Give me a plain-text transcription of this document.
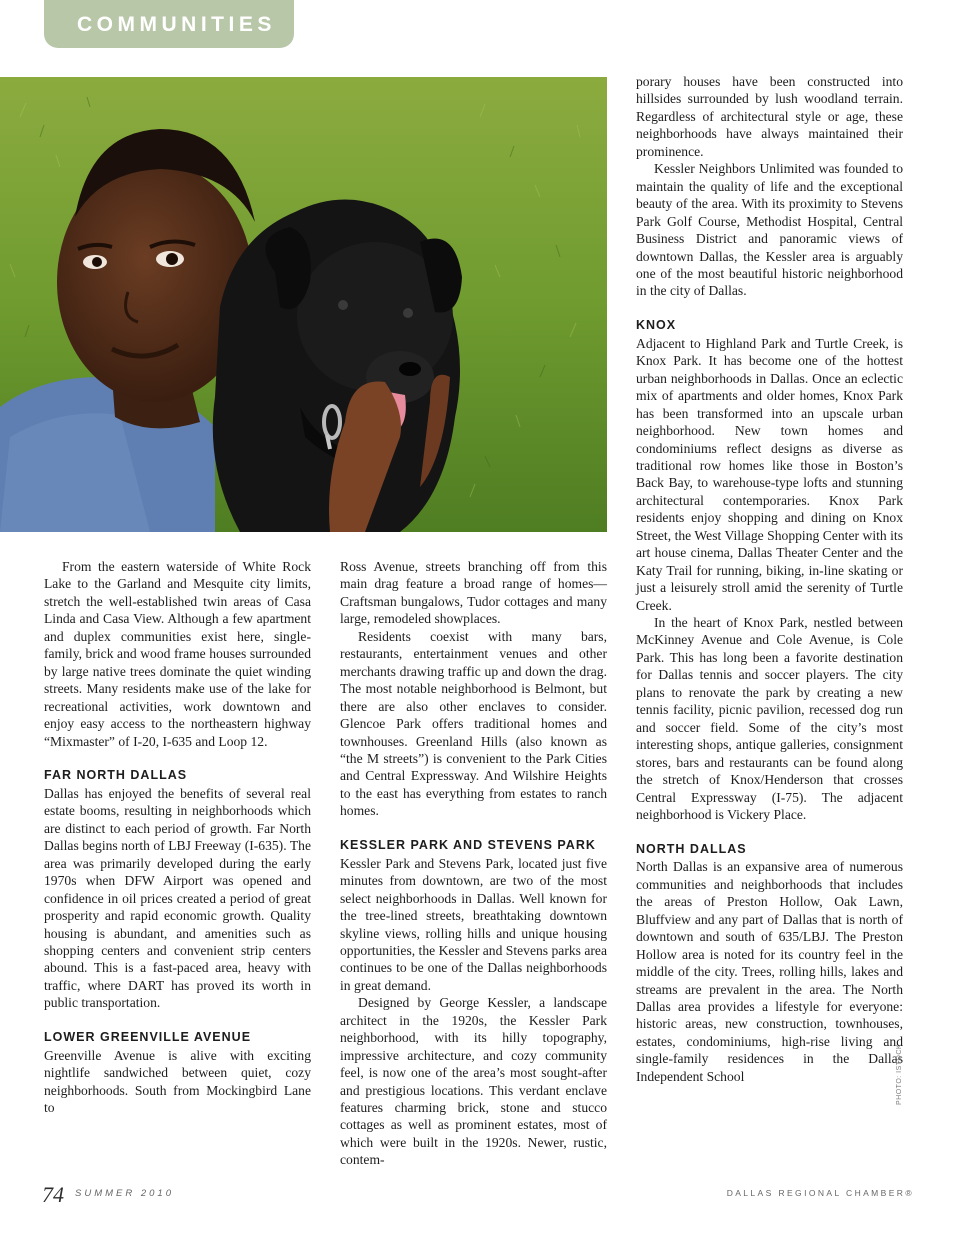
COMMUNITIES

From the eastern waterside of White Rock Lake to the Garland and Mesquite city limits, stretch the well-established twin areas of Casa Linda and Casa View. Although a few apartment and duplex communities exist here, single-family, brick and wood frame houses surrounded by large native trees dominate the quiet winding streets. Many residents make use of the lake for recreational activities, work downtown and enjoy easy access to the northeastern highway “Mixmaster” of I-20, I-635 and Loop 12.

FAR NORTH DALLAS

Dallas has enjoyed the benefits of several real estate booms, resulting in neighborhoods which are distinct to each period of growth. Far North Dallas begins north of LBJ Freeway (I-635). The area was primarily developed during the early 1970s when DFW Airport was opened and confidence in oil prices created a period of great prosperity and rapid economic growth. Quality housing is abundant, and amenities such as shopping centers and convenient strip centers abound. This is a fast-paced area, heavy with traffic, where DART has proved its worth in public transportation.

LOWER GREENVILLE AVENUE

Greenville Avenue is alive with exciting nightlife sandwiched between quiet, cozy neighborhoods. South from Mockingbird Lane to

Ross Avenue, streets branching off from this main drag feature a broad range of homes—Craftsman bungalows, Tudor cottages and many large, remodeled showplaces.

Residents coexist with many bars, restaurants, entertainment venues and other merchants drawing traffic up and down the drag. The most notable neighborhood is Belmont, but there are also other enclaves to consider. Glencoe Park offers traditional homes and townhouses. Greenland Hills (also known as “the M streets”) is convenient to the Park Cities and Central Expressway. And Wilshire Heights to the east has everything from estates to ranch homes.

KESSLER PARK AND STEVENS PARK

Kessler Park and Stevens Park, located just five minutes from downtown, are two of the most select neighborhoods in Dallas. Well known for the tree-lined streets, breathtaking downtown skyline views, rolling hills and unique housing opportunities, the Kessler and Stevens parks area continues to be one of the Dallas neighborhoods in great demand.

Designed by George Kessler, a landscape architect in the 1920s, the Kessler Park neighborhood, with its hilly topography, impressive architecture, and cozy community feel, is now one of the area’s most sought-after and prestigious locations. This verdant enclave features charming brick, stone and stucco cottages as well as prominent estates, most of which were built in the 1920s. Newer, rustic, contem-

porary houses have been constructed into hillsides surrounded by lush woodland terrain. Regardless of architectural style or age, these neighborhoods have always maintained their prominence.

Kessler Neighbors Unlimited was founded to maintain the quality of life and the exceptional beauty of the area. With its proximity to Stevens Park Golf Course, Methodist Hospital, Central Business District and panoramic views of downtown Dallas, the Kessler area is arguably one of the most beautiful historic neighborhood in the city of Dallas.

KNOX

Adjacent to Highland Park and Turtle Creek, is Knox Park. It has become one of the hottest urban neighborhoods in Dallas. Once an eclectic mix of apartments and older homes, Knox Park has been transformed into an upscale urban neighborhood. New town homes and condominiums reflect designs as diverse as traditional row homes like those in Boston’s Back Bay, to warehouse-type lofts and stunning architectural contemporaries. Knox Park residents enjoy shopping and dining on Knox Street, the West Village Shopping Center with its art house cinema, Dallas Theater Center and the Katy Trail for running, biking, in-line skating or just a leisurely stroll amid the serenity of Turtle Creek.

In the heart of Knox Park, nestled between McKinney Avenue and Cole Avenue, is Cole Park. This has long been a favorite destination for Dallas tennis and soccer players. The city plans to renovate the park by creating a new tennis facility, picnic pavilion, recessed dog run and soccer field. Some of the city’s most interesting shops, antique galleries, consignment stores, bars and restaurants can be found along the stretch of Knox/Henderson that crosses Central Expressway (I-75). The adjacent neighborhood is Vickery Place.

NORTH DALLAS

North Dallas is an expansive area of numerous communities and neighborhoods that includes the areas of Preston Hollow, Oak Lawn, Bluffview and any part of Dallas that is north of downtown and south of 635/LBJ. The Preston Hollow area is noted for its country feel in the middle of the city. Trees, rolling hills, lakes and streams are prevalent in the area. The North Dallas area provides a lifestyle for everyone: historic areas, new construction, townhouses, estates, condominiums, high-rise living and single-family residences in the Dallas Independent School	PHOTO: ISTOCK
74 SUMMER 2010	DALLAS REGIONAL CHAMBER®
